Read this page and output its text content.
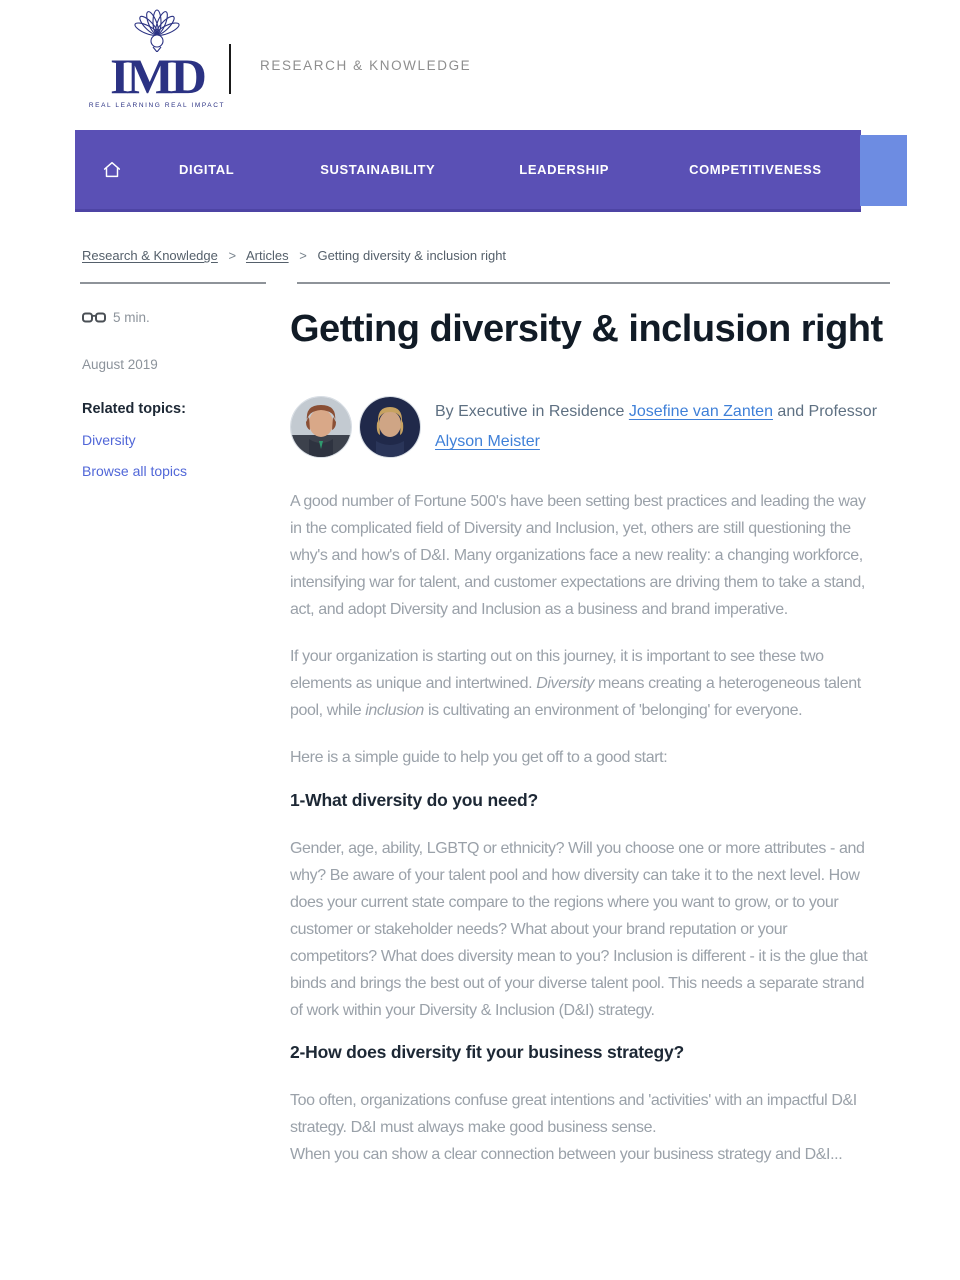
IMD
REAL LEARNING REAL IMPACT
RESEARCH & KNOWLEDGE
DIGITAL	SUSTAINABILITY	LEADERSHIP	COMPETITIVENESS
Research & Knowledge > Articles > Getting diversity & inclusion right
5 min.
August 2019
Related topics:
Diversity
Browse all topics
Getting diversity & inclusion right
By Executive in Residence Josefine van Zanten and Professor Alyson Meister

A good number of Fortune 500's have been setting best practices and leading the way in the complicated field of Diversity and Inclusion, yet, others are still questioning the why's and how's of D&I. Many organizations face a new reality: a changing workforce, intensifying war for talent, and customer expectations are driving them to take a stand, act, and adopt Diversity and Inclusion as a business and brand imperative.

If your organization is starting out on this journey, it is important to see these two elements as unique and intertwined. Diversity means creating a heterogeneous talent pool, while inclusion is cultivating an environment of 'belonging' for everyone.

Here is a simple guide to help you get off to a good start:

1-What diversity do you need?

Gender, age, ability, LGBTQ or ethnicity? Will you choose one or more attributes - and why? Be aware of your talent pool and how diversity can take it to the next level. How does your current state compare to the regions where you want to grow, or to your customer or stakeholder needs? What about your brand reputation or your competitors? What does diversity mean to you? Inclusion is different - it is the glue that binds and brings the best out of your diverse talent pool. This needs a separate strand of work within your Diversity & Inclusion (D&I) strategy.

2-How does diversity fit your business strategy?

Too often, organizations confuse great intentions and 'activities' with an impactful D&I strategy. D&I must always make good business sense.
When you can show a clear connection between your business strategy and D&I...
